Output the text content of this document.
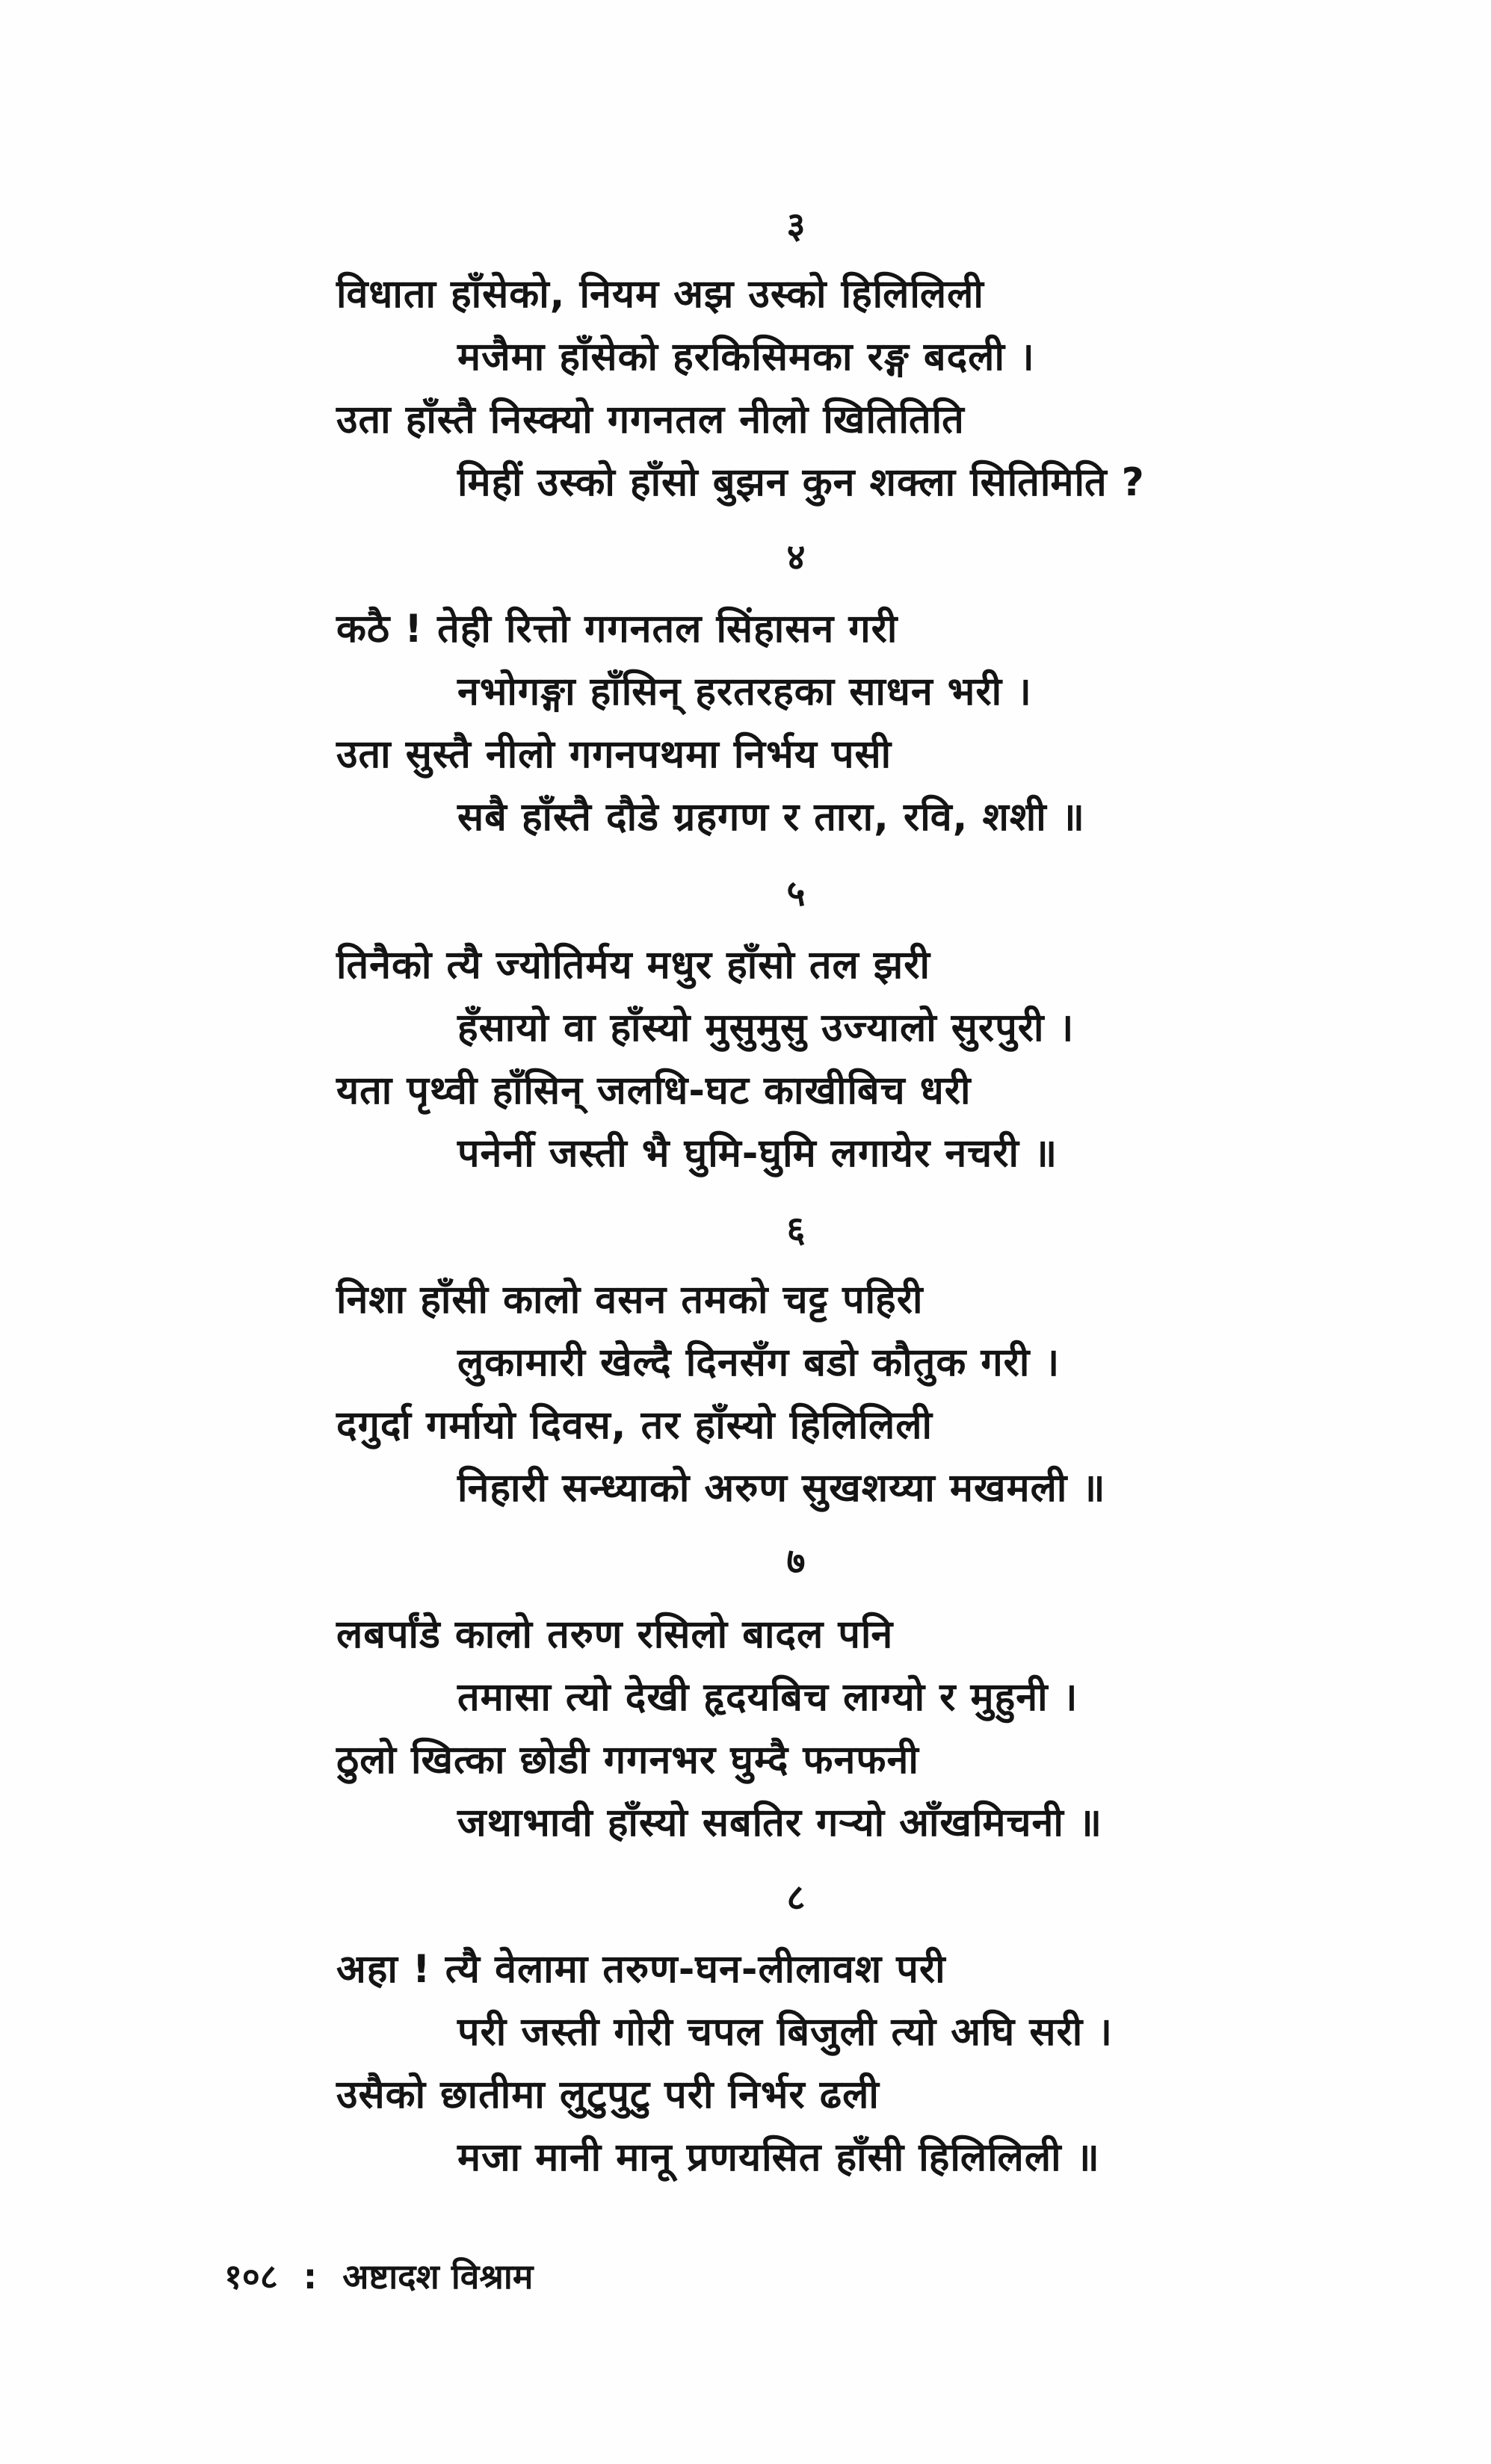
३
विधाता हाँसेको, नियम अझ उस्को हिलिलिली
मजैमा हाँसेको हरकिसिमका रङ्ग बदली ।
उता हाँस्तै निस्क्यो गगनतल नीलो खितितिति
मिहीं उस्को हाँसो बुझन कुन शक्ला सितिमिति ?
४
कठै ! तेही रित्तो गगनतल सिंहासन गरी
नभोगङ्गा हाँसिन् हरतरहका साधन भरी ।
उता सुस्तै नीलो गगनपथमा निर्भय पसी
सबै हाँस्तै दौडे ग्रहगण र तारा, रवि, शशी ॥
५
तिनैको त्यै ज्योतिर्मय मधुर हाँसो तल झरी
हँसायो वा हाँस्यो मुसुमुसु उज्यालो सुरपुरी ।
यता पृथ्वी हाँसिन् जलधि-घट काखीबिच धरी
पनेर्नी जस्ती भै घुमि-घुमि लगायेर नचरी ॥
६
निशा हाँसी कालो वसन तमको चट्ट पहिरी
लुकामारी खेल्दै दिनसँग बडो कौतुक गरी ।
दगुर्दा गर्मायो दिवस, तर हाँस्यो हिलिलिली
निहारी सन्ध्याको अरुण सुखशय्या मखमली ॥
७
लबर्पांडे कालो तरुण रसिलो बादल पनि
तमासा त्यो देखी हृदयबिच लाग्यो र मुहुनी ।
ठुलो खित्का छोडी गगनभर घुम्दै फनफनी
जथाभावी हाँस्यो सबतिर गऱ्यो आँखमिचनी ॥
८
अहा ! त्यै वेलामा तरुण-घन-लीलावश परी
परी जस्ती गोरी चपल बिजुली त्यो अघि सरी ।
उसैको छातीमा लुटुपुटु परी निर्भर ढली
मजा मानी मानू प्रणयसित हाँसी हिलिलिली ॥
१०८ : अष्टादश विश्राम
